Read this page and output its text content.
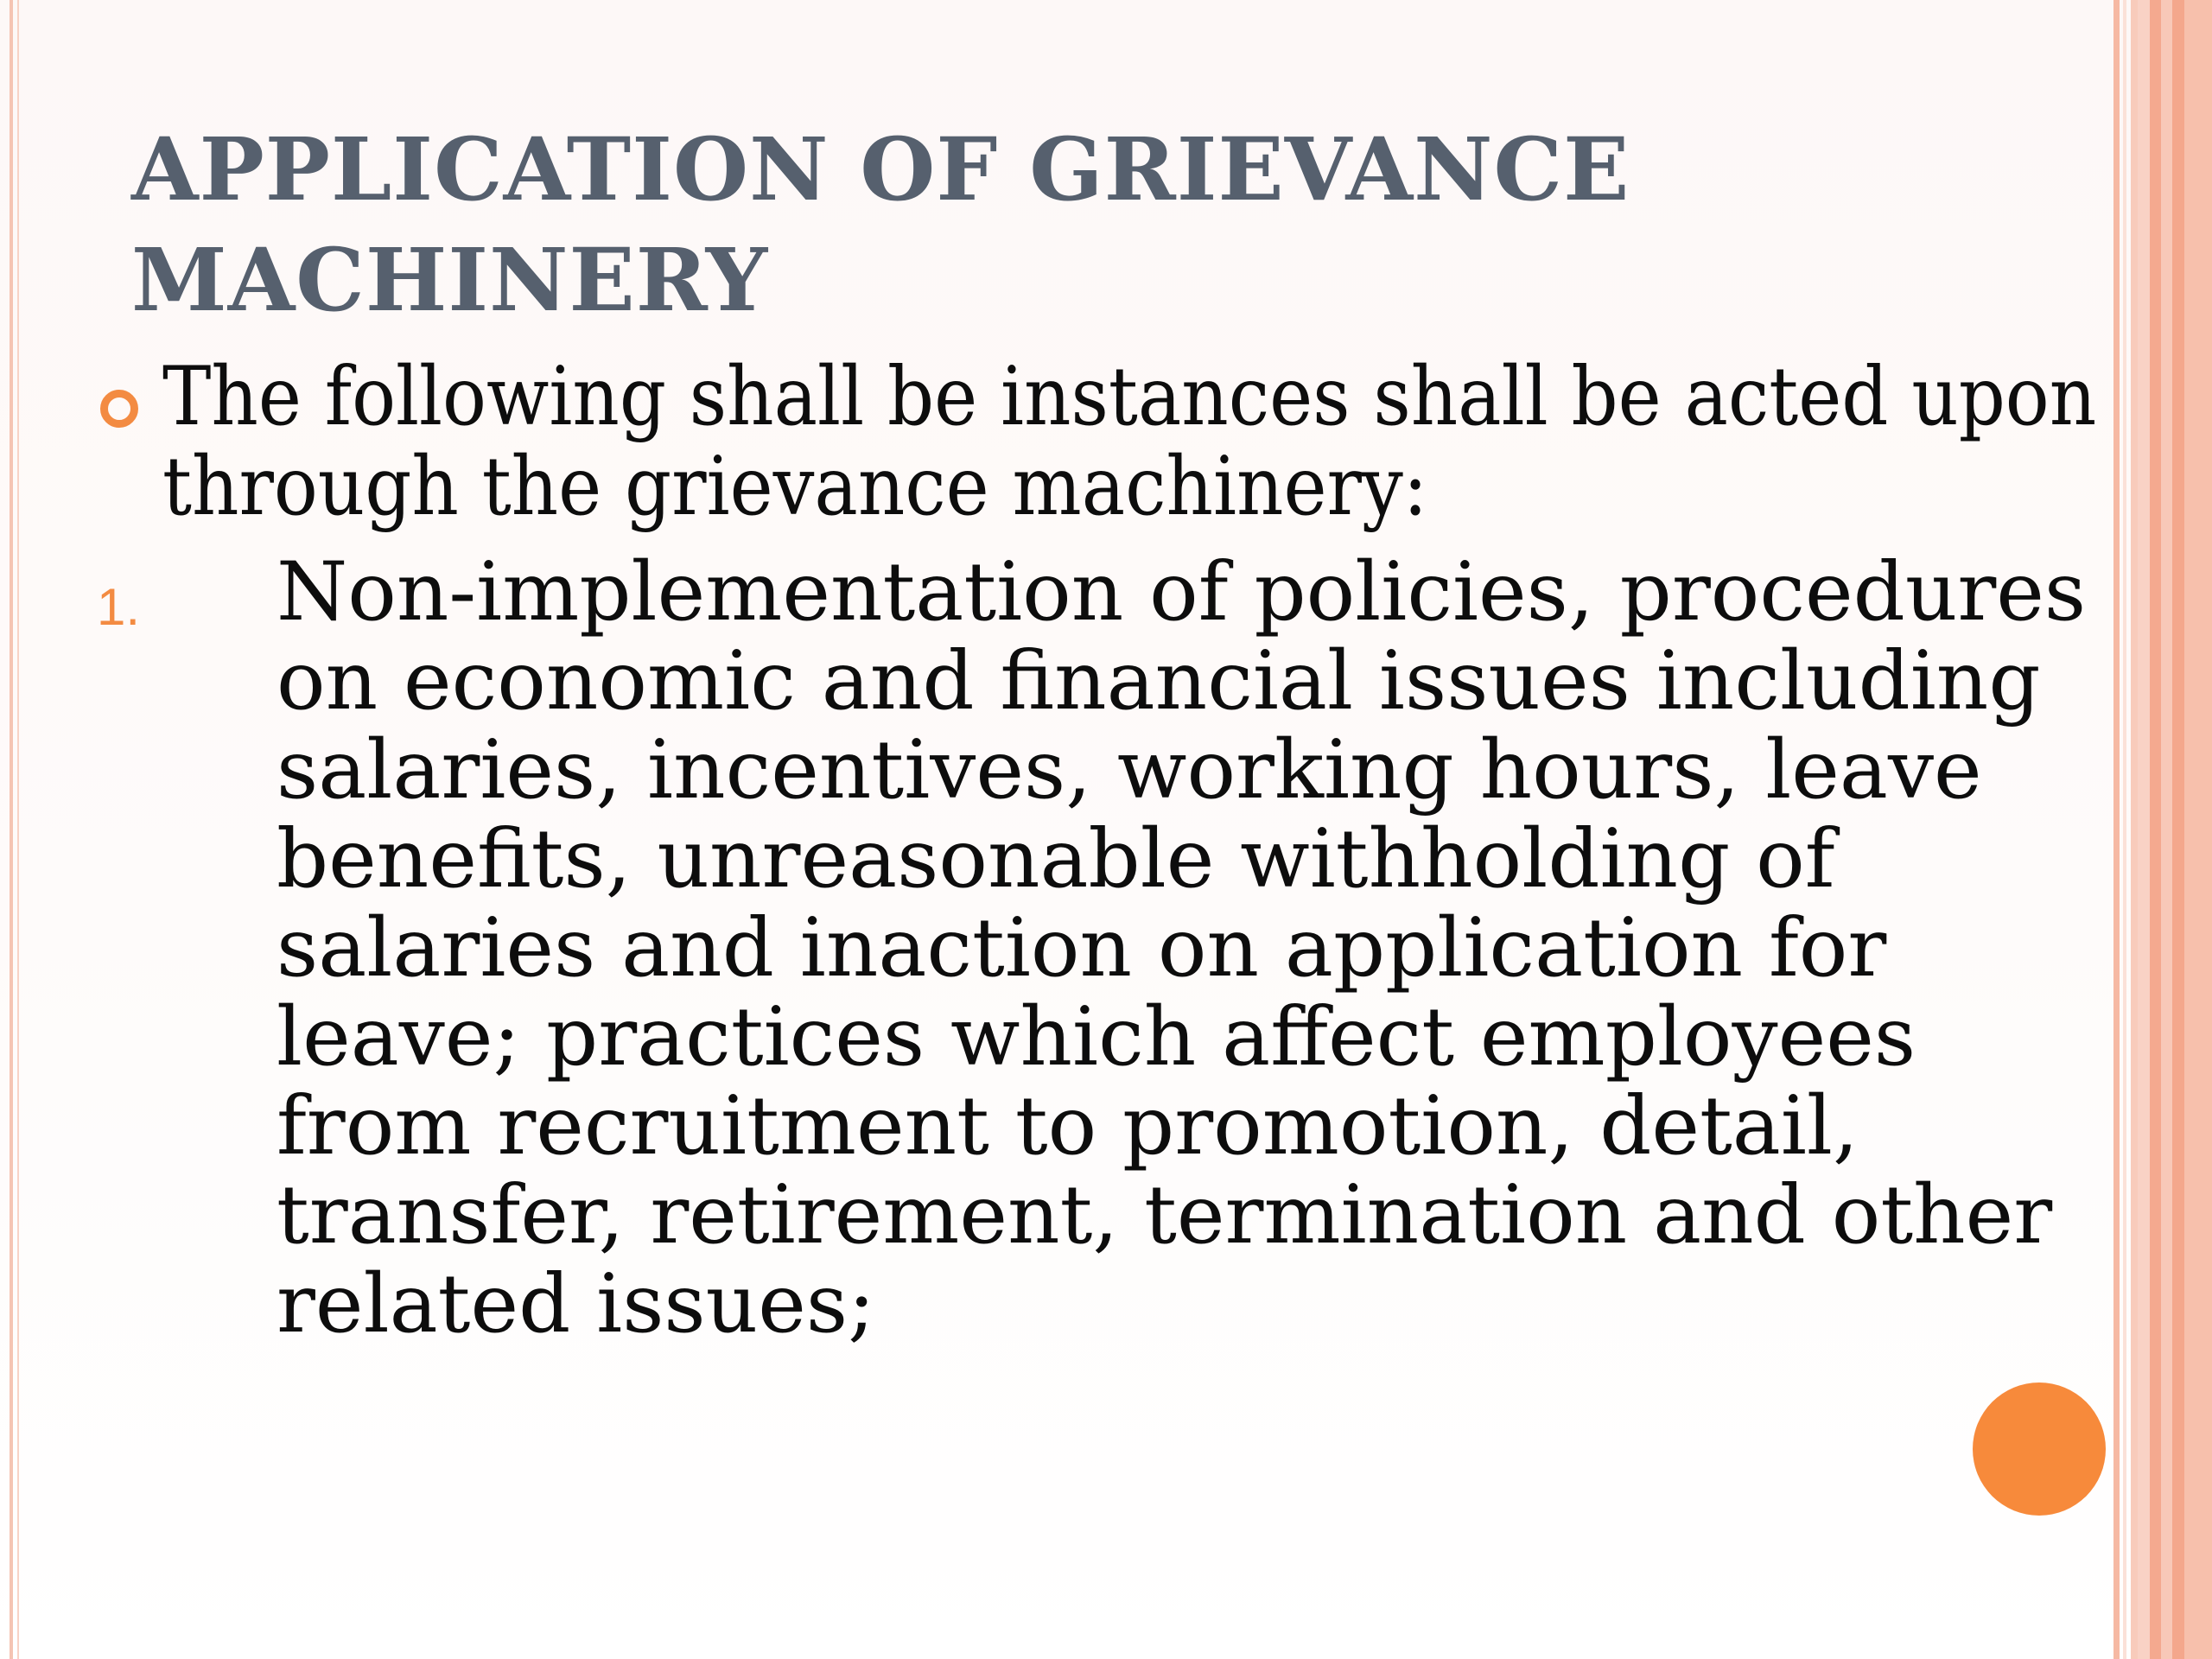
APPLICATION OF GRIEVANCE MACHINERY

The following shall be instances shall be acted upon through the grievance machinery:

1. Non-implementation of policies, procedures on economic and financial issues including salaries, incentives, working hours, leave benefits, unreasonable withholding of salaries and inaction on application for leave; practices which affect employees from recruitment to promotion, detail, transfer, retirement, termination and other related issues;
